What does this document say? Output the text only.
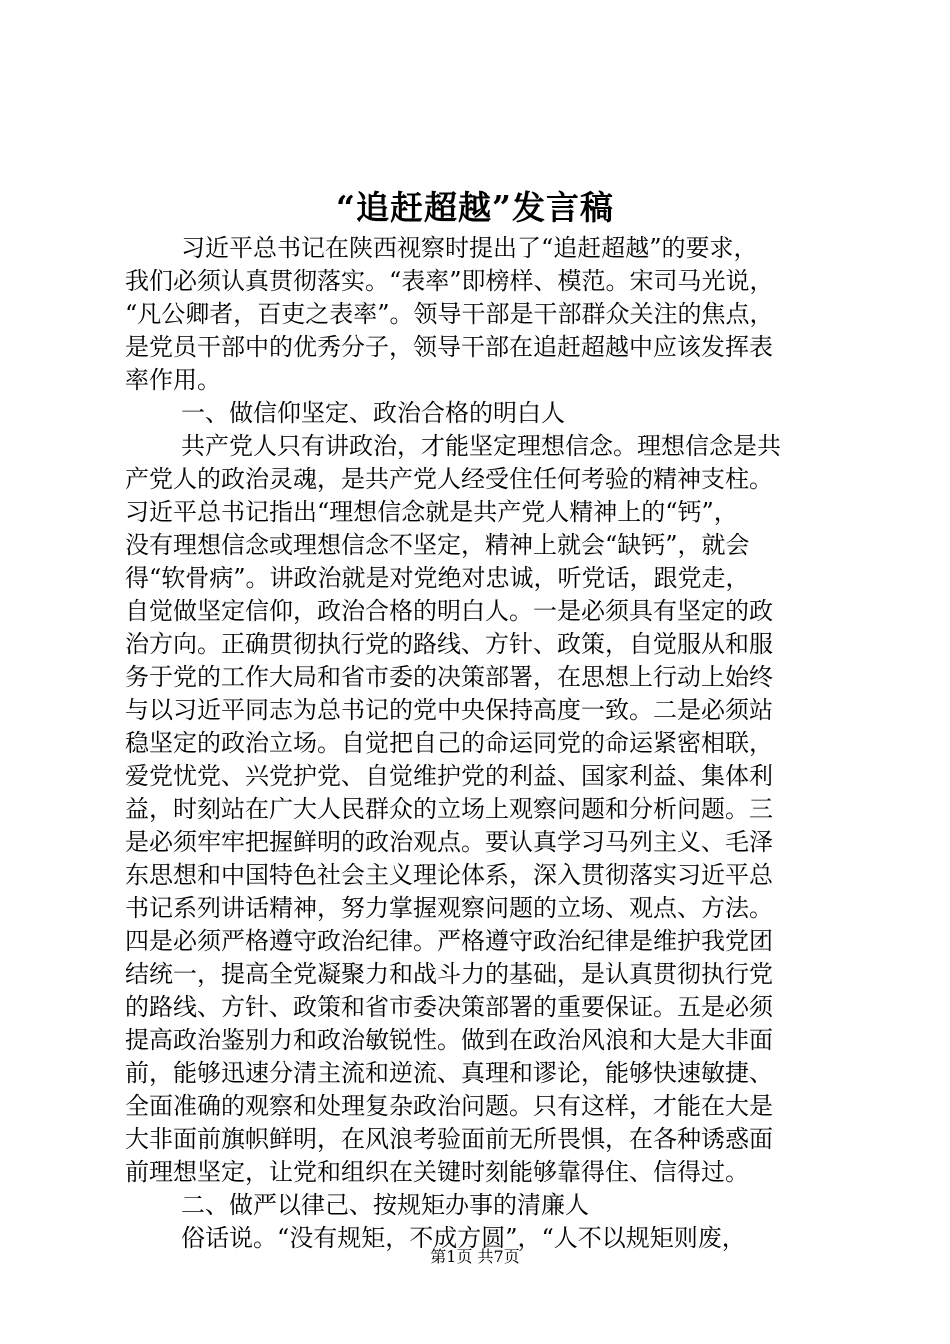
“追赶超越”发言稿
习近平总书记在陕西视察时提出了“追赶超越”的要求，
我们必须认真贯彻落实。“表率”即榜样、模范。宋司马光说，
“凡公卿者，百吏之表率”。领导干部是干部群众关注的焦点，
是党员干部中的优秀分子，领导干部在追赶超越中应该发挥表
率作用。
一、做信仰坚定、政治合格的明白人
共产党人只有讲政治，才能坚定理想信念。理想信念是共
产党人的政治灵魂，是共产党人经受住任何考验的精神支柱。
习近平总书记指出“理想信念就是共产党人精神上的“钙”，
没有理想信念或理想信念不坚定，精神上就会“缺钙”，就会
得“软骨病”。讲政治就是对党绝对忠诚，听党话，跟党走，
自觉做坚定信仰，政治合格的明白人。一是必须具有坚定的政
治方向。正确贯彻执行党的路线、方针、政策，自觉服从和服
务于党的工作大局和省市委的决策部署，在思想上行动上始终
与以习近平同志为总书记的党中央保持高度一致。二是必须站
稳坚定的政治立场。自觉把自己的命运同党的命运紧密相联，
爱党忧党、兴党护党、自觉维护党的利益、国家利益、集体利
益，时刻站在广大人民群众的立场上观察问题和分析问题。三
是必须牢牢把握鲜明的政治观点。要认真学习马列主义、毛泽
东思想和中国特色社会主义理论体系，深入贯彻落实习近平总
书记系列讲话精神，努力掌握观察问题的立场、观点、方法。
四是必须严格遵守政治纪律。严格遵守政治纪律是维护我党团
结统一，提高全党凝聚力和战斗力的基础，是认真贯彻执行党
的路线、方针、政策和省市委决策部署的重要保证。五是必须
提高政治鉴别力和政治敏锐性。做到在政治风浪和大是大非面
前，能够迅速分清主流和逆流、真理和谬论，能够快速敏捷、
全面准确的观察和处理复杂政治问题。只有这样，才能在大是
大非面前旗帜鲜明，在风浪考验面前无所畏惧，在各种诱惑面
前理想坚定，让党和组织在关键时刻能够靠得住、信得过。
二、做严以律己、按规矩办事的清廉人
俗话说。“没有规矩，不成方圆”，“人不以规矩则废，
第1页 共7页
